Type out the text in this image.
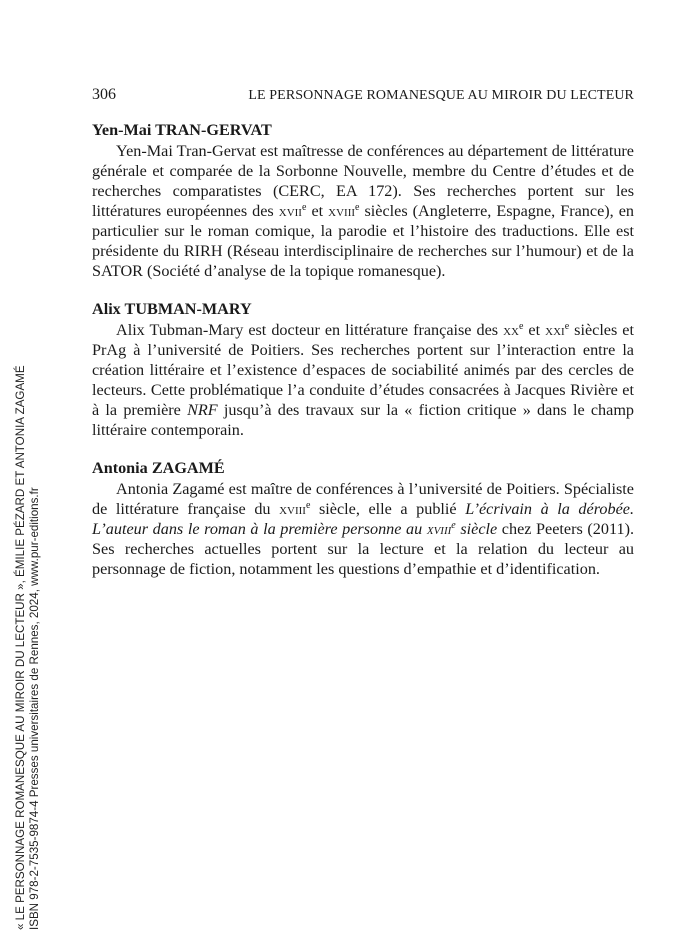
306	LE PERSONNAGE ROMANESQUE AU MIROIR DU LECTEUR
Yen-Mai TRAN-GERVAT

Yen-Mai Tran-Gervat est maîtresse de conférences au département de littérature générale et comparée de la Sorbonne Nouvelle, membre du Centre d’études et de recherches comparatistes (CERC, EA 172). Ses recherches portent sur les littératures européennes des xvii$^e$ et xviii$^e$ siècles (Angleterre, Espagne, France), en particulier sur le roman comique, la parodie et l’histoire des traductions. Elle est présidente du RIRH (Réseau interdisciplinaire de recherches sur l’humour) et de la SATOR (Société d’analyse de la topique romanesque).

Alix TUBMAN-MARY

Alix Tubman-Mary est docteur en littérature française des $xx^e$ et xxi$^e$ siècles et PrAg à l’université de Poitiers. Ses recherches portent sur l’interaction entre la création littéraire et l’existence d’espaces de sociabilité animés par des cercles de lecteurs. Cette problématique l’a conduite d’études consacrées à Jacques Rivière et à la première NRF jusqu’à des travaux sur la « fiction critique » dans le champ littéraire contemporain.

Antonia ZAGAMÉ

Antonia Zagamé est maître de conférences à l’université de Poitiers. Spécialiste de littérature française du xviii$^e$ siècle, elle a publié L’écrivain à la dérobée. L’auteur dans le roman à la première personne au xviii$^e$ siècle chez Peeters (2011). Ses recherches actuelles portent sur la lecture et la relation du lecteur au personnage de fiction, notamment les questions d’empathie et d’identification.

« LE PERSONNAGE ROMANESQUE AU MIROIR DU LECTEUR », ÉMILIE PÉZARD ET ANTONIA ZAGAMÉ ISBN 978-2-7535-9874-4 Presses universitaires de Rennes, 2024, www.pur-editions.fr
